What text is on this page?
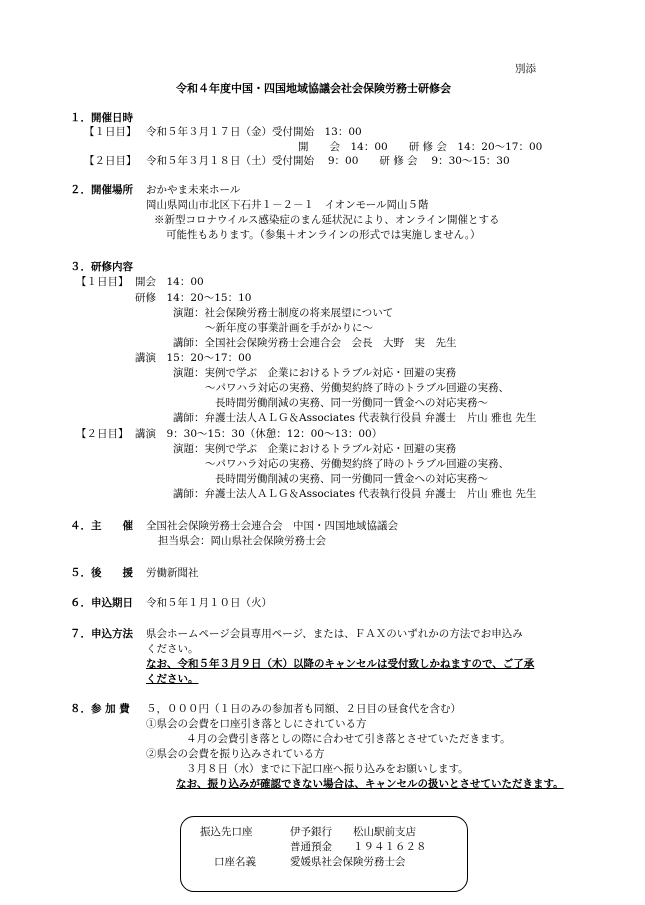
別添
令和４年度中国・四国地域協議会社会保険労務士研修会
１．開催日時
【１日目】 令和５年３月１７日（金）受付開始　13：00
開　　会　14：00　　研 修 会　14：20～17：00
【２日目】 令和５年３月１８日（土）受付開始　 9：00　　研 修 会　 9：30～15：30
２．開催場所 おかやま未来ホール
岡山県岡山市北区下石井１－２－１　イオンモール岡山５階
※新型コロナウイルス感染症のまん延状況により、オンライン開催とする
可能性もあります。（参集＋オンラインの形式では実施しません。）
３．研修内容
【１日目】 開会　14：00
研修　14：20～15：10
演題：社会保険労務士制度の将来展望について
～新年度の事業計画を手がかりに～
講師：全国社会保険労務士会連合会　会長　大野　実　先生
講演　15：20～17：00
演題：実例で学ぶ　企業におけるトラブル対応・回避の実務
～パワハラ対応の実務、労働契約終了時のトラブル回避の実務、
長時間労働削減の実務、同一労働同一賃金への対応実務～
講師：弁護士法人ＡＬＧ＆Associates 代表執行役員 弁護士　片山 雅也 先生
【２日目】 講演　9：30～15：30（休憩：12：00～13：00）
演題：実例で学ぶ　企業におけるトラブル対応・回避の実務
～パワハラ対応の実務、労働契約終了時のトラブル回避の実務、
長時間労働削減の実務、同一労働同一賃金への対応実務～
講師：弁護士法人ＡＬＧ＆Associates 代表執行役員 弁護士　片山 雅也 先生
４．主　　催 全国社会保険労務士会連合会　中国・四国地域協議会
担当県会：岡山県社会保険労務士会
５．後　　援 労働新聞社
６．申込期日 令和５年１月１０日（火）
７．申込方法 県会ホームページ会員専用ページ、または、ＦＡＸのいずれかの方法でお申込み
ください。
なお、令和５年３月９日（木）以降のキャンセルは受付致しかねますので、ご了承
ください。
８．参 加 費 ５，０００円（１日のみの参加者も同額、２日目の昼食代を含む）
①県会の会費を口座引き落としにされている方
４月の会費引き落としの際に合わせて引き落とさせていただきます。
②県会の会費を振り込みされている方
３月８日（水）までに下記口座へ振り込みをお願いします。
なお、振り込みが確認できない場合は、キャンセルの扱いとさせていただきます。
振込先口座	伊予銀行　　松山駅前支店
普通預金　　１９４１６２８
口座名義	愛媛県社会保険労務士会
